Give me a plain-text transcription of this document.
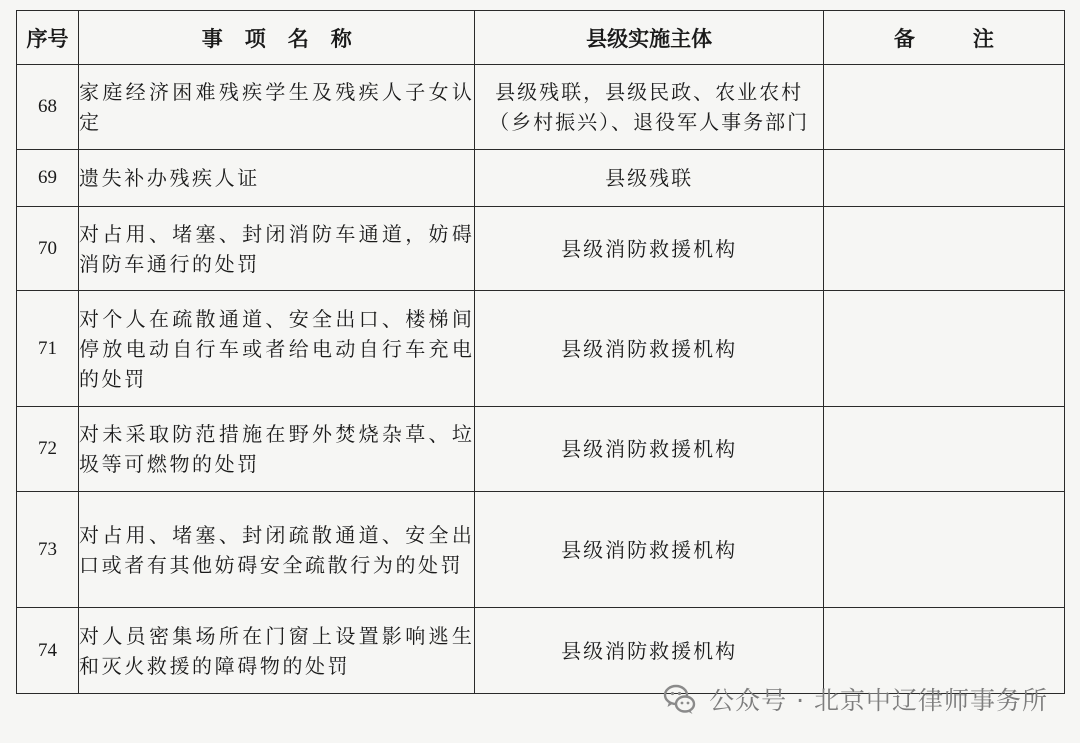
序号	事项名称	县级实施主体	备注
68	家庭经济困难残疾学生及残疾人子女认定	县级残联，县级民政、农业农村（乡村振兴）、退役军人事务部门	
69	遗失补办残疾人证	县级残联	
70	对占用、堵塞、封闭消防车通道，妨碍消防车通行的处罚	县级消防救援机构	
71	对个人在疏散通道、安全出口、楼梯间停放电动自行车或者给电动自行车充电的处罚	县级消防救援机构	
72	对未采取防范措施在野外焚烧杂草、垃圾等可燃物的处罚	县级消防救援机构	
73	对占用、堵塞、封闭疏散通道、安全出口或者有其他妨碍安全疏散行为的处罚	县级消防救援机构	
74	对人员密集场所在门窗上设置影响逃生和灭火救援的障碍物的处罚	县级消防救援机构	
公众号 · 北京中辽律师事务所
